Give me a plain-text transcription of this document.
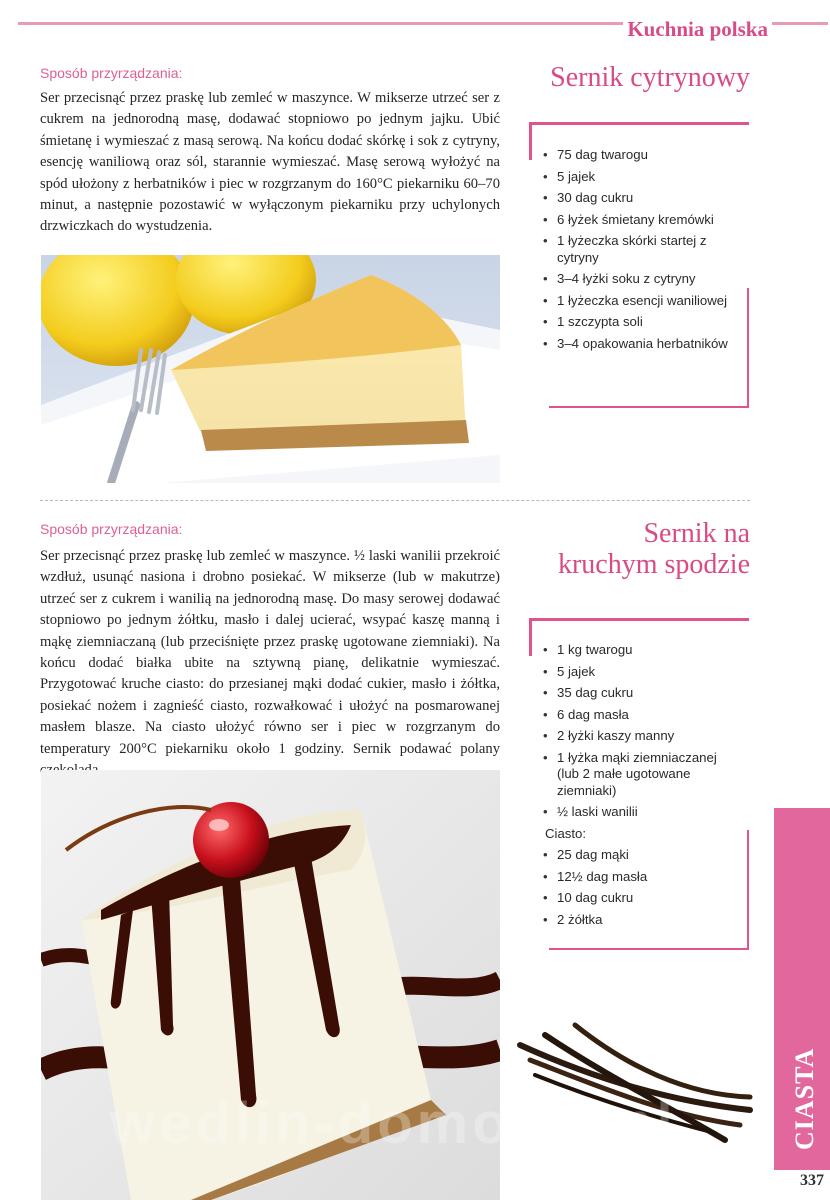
Kuchnia polska
Sposób przyrządzania:
Ser przecisnąć przez praskę lub zemleć w maszynce. W mikserze utrzeć ser z cukrem na jednorodną masę, dodawać stopniowo po jednym jajku. Ubić śmietanę i wymieszać z masą serową. Na końcu dodać skórkę i sok z cytryny, esencję waniliową oraz sól, starannie wymieszać. Masę serową wyłożyć na spód ułożony z herbatników i piec w rozgrzanym do 160°C piekarniku 60–70 minut, a następnie pozostawić w wyłączonym piekarniku przy uchylonych drzwiczkach do wystudzenia.
Sernik cytrynowy
• 75 dag twarogu
• 5 jajek
• 30 dag cukru
• 6 łyżek śmietany kremówki
• 1 łyżeczka skórki startej z cytryny
• 3–4 łyżki soku z cytryny
• 1 łyżeczka esencji waniliowej
• 1 szczypta soli
• 3–4 opakowania herbatników
Sposób przyrządzania:
Ser przecisnąć przez praskę lub zemleć w maszynce. ½ laski wanilii przekroić wzdłuż, usunąć nasiona i drobno posiekać. W mikserze (lub w makutrze) utrzeć ser z cukrem i wanilią na jednorodną masę. Do masy serowej dodawać stopniowo po jednym żółtku, masło i dalej ucierać, wsypać kaszę manną i mąkę ziemniaczaną (lub przeciśnięte przez praskę ugotowane ziemniaki). Na końcu dodać białka ubite na sztywną pianę, delikatnie wymieszać. Przygotować kruche ciasto: do przesianej mąki dodać cukier, masło i żółtka, posiekać nożem i zagnieść ciasto, rozwałkować i ułożyć na posmarowanej masłem blasze. Na ciasto ułożyć równo ser i piec w rozgrzanym do temperatury 200°C piekarniku około 1 godziny. Sernik podawać polany
Sernik na
kruchym spodzie
• 1 kg twarogu
• 5 jajek
• 35 dag cukru
• 6 dag masła
• 2 łyżki kaszy manny
• 1 łyżka mąki ziemniaczanej (lub 2 małe ugotowane ziemniaki)
• ½ laski wanilii
Ciasto:
• 25 dag mąki
• 12½ dag masła
• 10 dag cukru
• 2 żółtka
CIASTA
wedlin-domowe.pl
337
